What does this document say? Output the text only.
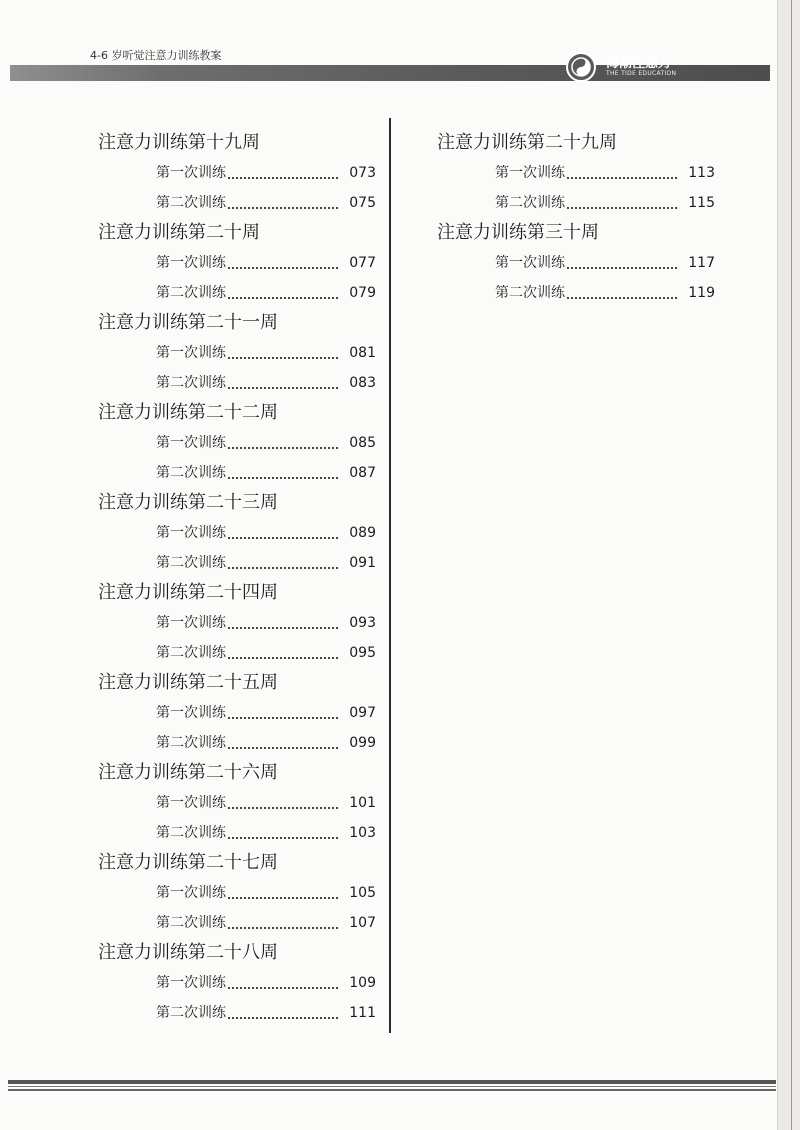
4-6 岁听觉注意力训练教案
海潮注意力
THE TIDE EDUCATION
注意力训练第十九周
第一次训练	073
第二次训练	075
注意力训练第二十周
第一次训练	077
第二次训练	079
注意力训练第二十一周
第一次训练	081
第二次训练	083
注意力训练第二十二周
第一次训练	085
第二次训练	087
注意力训练第二十三周
第一次训练	089
第二次训练	091
注意力训练第二十四周
第一次训练	093
第二次训练	095
注意力训练第二十五周
第一次训练	097
第二次训练	099
注意力训练第二十六周
第一次训练	101
第二次训练	103
注意力训练第二十七周
第一次训练	105
第二次训练	107
注意力训练第二十八周
第一次训练	109
第二次训练	111
注意力训练第二十九周
第一次训练	113
第二次训练	115
注意力训练第三十周
第一次训练	117
第二次训练	119
